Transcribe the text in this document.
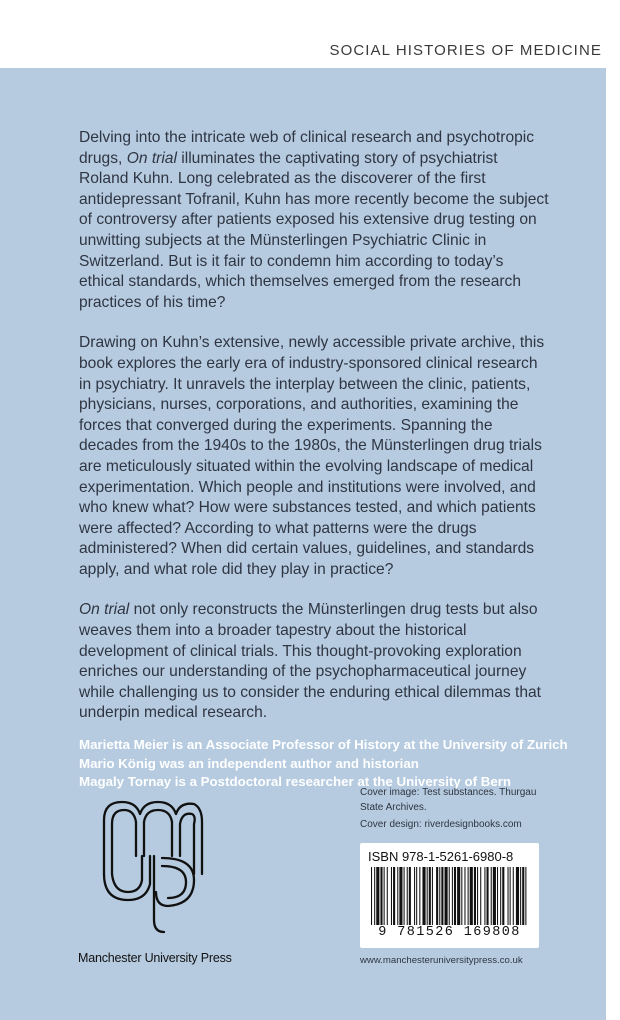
SOCIAL HISTORIES OF MEDICINE

Delving into the intricate web of clinical research and psychotropic drugs, On trial illuminates the captivating story of psychiatrist Roland Kuhn. Long celebrated as the discoverer of the first antidepressant Tofranil, Kuhn has more recently become the subject of controversy after patients exposed his extensive drug testing on unwitting subjects at the Münsterlingen Psychiatric Clinic in Switzerland. But is it fair to condemn him according to today’s ethical standards, which themselves emerged from the research practices of his time?

Drawing on Kuhn’s extensive, newly accessible private archive, this book explores the early era of industry-sponsored clinical research in psychiatry. It unravels the interplay between the clinic, patients, physicians, nurses, corporations, and authorities, examining the forces that converged during the experiments. Spanning the decades from the 1940s to the 1980s, the Münsterlingen drug trials are meticulously situated within the evolving landscape of medical experimentation. Which people and institutions were involved, and who knew what? How were substances tested, and which patients were affected? According to what patterns were the drugs administered? When did certain values, guidelines, and standards apply, and what role did they play in practice?

On trial not only reconstructs the Münsterlingen drug tests but also weaves them into a broader tapestry about the historical development of clinical trials. This thought-provoking exploration enriches our understanding of the psychopharmaceutical journey while challenging us to consider the enduring ethical dilemmas that underpin medical research.

Marietta Meier is an Associate Professor of History at the University of Zurich
Mario König was an independent author and historian
Magaly Tornay is a Postdoctoral researcher at the University of Bern
Manchester University Press
Cover image: Test substances. Thurgau State Archives.
Cover design: riverdesignbooks.com
ISBN 978-1-5261-6980-8
9 781526 169808
www.manchesteruniversitypress.co.uk
